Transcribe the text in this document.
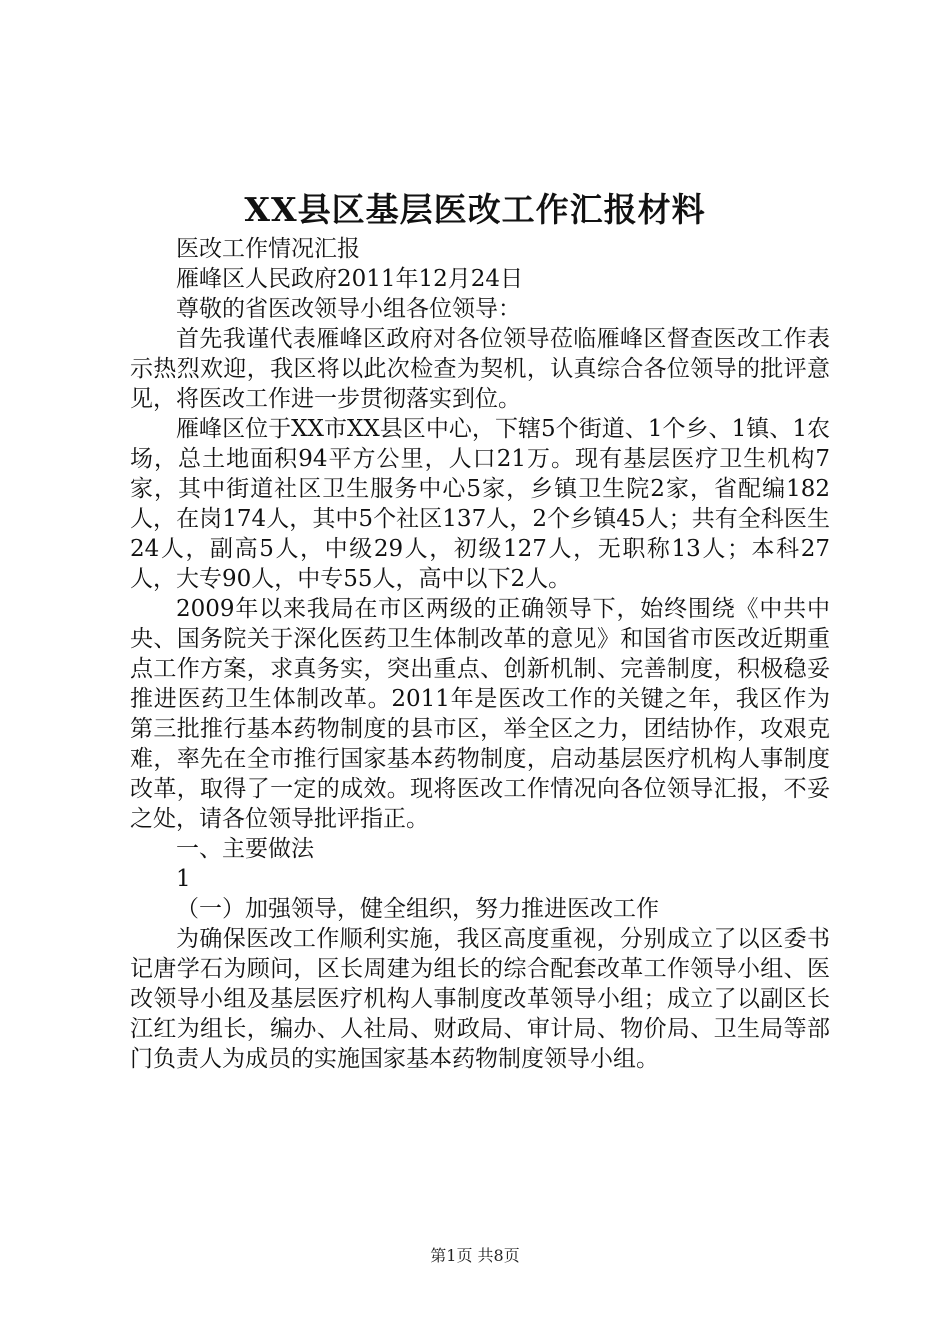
XX县区基层医改工作汇报材料

医改工作情况汇报

雁峰区人民政府2011年12月24日

尊敬的省医改领导小组各位领导：

首先我谨代表雁峰区政府对各位领导莅临雁峰区督查医改工作表示热烈欢迎，我区将以此次检查为契机，认真综合各位领导的批评意见，将医改工作进一步贯彻落实到位。

雁峰区位于XX市XX县区中心，下辖5个街道、1个乡、1镇、1农场，总土地面积94平方公里，人口21万。现有基层医疗卫生机构7家，其中街道社区卫生服务中心5家，乡镇卫生院2家，省配编182人，在岗174人，其中5个社区137人，2个乡镇45人；共有全科医生24人，副高5人，中级29人，初级127人，无职称13人；本科27人，大专90人，中专55人，高中以下2人。

2009年以来我局在市区两级的正确领导下，始终围绕《中共中央、国务院关于深化医药卫生体制改革的意见》和国省市医改近期重点工作方案，求真务实，突出重点、创新机制、完善制度，积极稳妥推进医药卫生体制改革。2011年是医改工作的关键之年，我区作为第三批推行基本药物制度的县市区，举全区之力，团结协作，攻艰克难，率先在全市推行国家基本药物制度，启动基层医疗机构人事制度改革，取得了一定的成效。现将医改工作情况向各位领导汇报，不妥之处，请各位领导批评指正。

一、主要做法

1

（一）加强领导，健全组织，努力推进医改工作

为确保医改工作顺利实施，我区高度重视，分别成立了以区委书记唐学石为顾问，区长周建为组长的综合配套改革工作领导小组、医改领导小组及基层医疗机构人事制度改革领导小组；成立了以副区长江红为组长，编办、人社局、财政局、审计局、物价局、卫生局等部门负责人为成员的实施国家基本药物制度领导小组。

第1页 共8页
